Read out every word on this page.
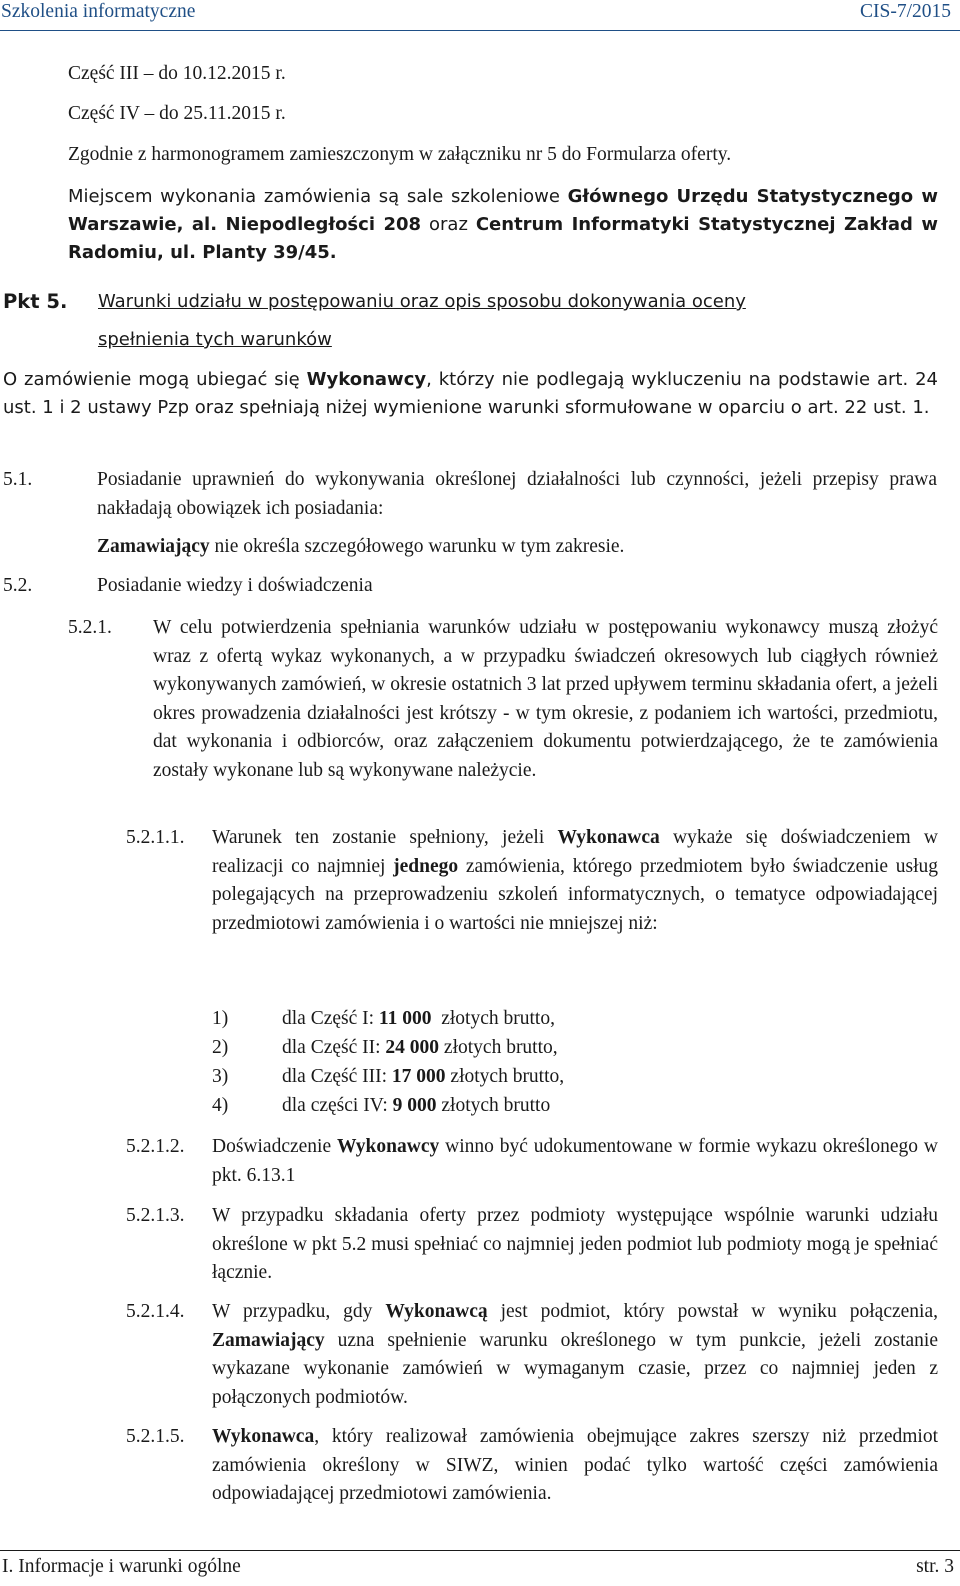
Szkolenia informatyczne	CIS-7/2015

Część III – do 10.12.2015 r.

Część IV – do 25.11.2015 r.

Zgodnie z harmonogramem zamieszczonym w załączniku nr 5 do Formularza oferty.

Miejscem wykonania zamówienia są sale szkoleniowe Głównego Urzędu Statystycznego w Warszawie, al. Niepodległości 208 oraz Centrum Informatyki Statystycznej Zakład w Radomiu, ul. Planty 39/45.

Pkt 5. Warunki udziału w postępowaniu oraz opis sposobu dokonywania oceny

spełnienia tych warunków

O zamówienie mogą ubiegać się Wykonawcy, którzy nie podlegają wykluczeniu na podstawie art. 24 ust. 1 i 2 ustawy Pzp oraz spełniają niżej wymienione warunki sformułowane w oparciu o art. 22 ust. 1.

5.1.	Posiadanie uprawnień do wykonywania określonej działalności lub czynności, jeżeli przepisy prawa nakładają obowiązek ich posiadania:

Zamawiający nie określa szczegółowego warunku w tym zakresie.

5.2.	Posiadanie wiedzy i doświadczenia

5.2.1. W celu potwierdzenia spełniania warunków udziału w postępowaniu wykonawcy muszą złożyć wraz z ofertą wykaz wykonanych, a w przypadku świadczeń okresowych lub ciągłych również wykonywanych zamówień, w okresie ostatnich 3 lat przed upływem terminu składania ofert, a jeżeli okres prowadzenia działalności jest krótszy - w tym okresie, z podaniem ich wartości, przedmiotu, dat wykonania i odbiorców, oraz załączeniem dokumentu potwierdzającego, że te zamówienia zostały wykonane lub są wykonywane należycie.

5.2.1.1. Warunek ten zostanie spełniony, jeżeli Wykonawca wykaże się doświadczeniem w realizacji co najmniej jednego zamówienia, którego przedmiotem było świadczenie usług polegających na przeprowadzeniu szkoleń informatycznych, o tematyce odpowiadającej przedmiotowi zamówienia i o wartości nie mniejszej niż:

1)	dla Część I: 11 000  złotych brutto,
2)	dla Część II: 24 000 złotych brutto,
3)	dla Część III: 17 000 złotych brutto,
4)	dla części IV: 9 000 złotych brutto
5.2.1.2. Doświadczenie Wykonawcy winno być udokumentowane w formie wykazu określonego w pkt. 6.13.1

5.2.1.3. W przypadku składania oferty przez podmioty występujące wspólnie warunki udziału określone w pkt 5.2 musi spełniać co najmniej jeden podmiot lub podmioty mogą je spełniać łącznie.

5.2.1.4. W przypadku, gdy Wykonawcą jest podmiot, który powstał w wyniku połączenia, Zamawiający uzna spełnienie warunku określonego w tym punkcie, jeżeli zostanie wykazane wykonanie zamówień w wymaganym czasie, przez co najmniej jeden z połączonych podmiotów.

5.2.1.5. Wykonawca, który realizował zamówienia obejmujące zakres szerszy niż przedmiot zamówienia określony w SIWZ, winien podać tylko wartość części zamówienia odpowiadającej przedmiotowi zamówienia.

I. Informacje i warunki ogólne	str. 3
